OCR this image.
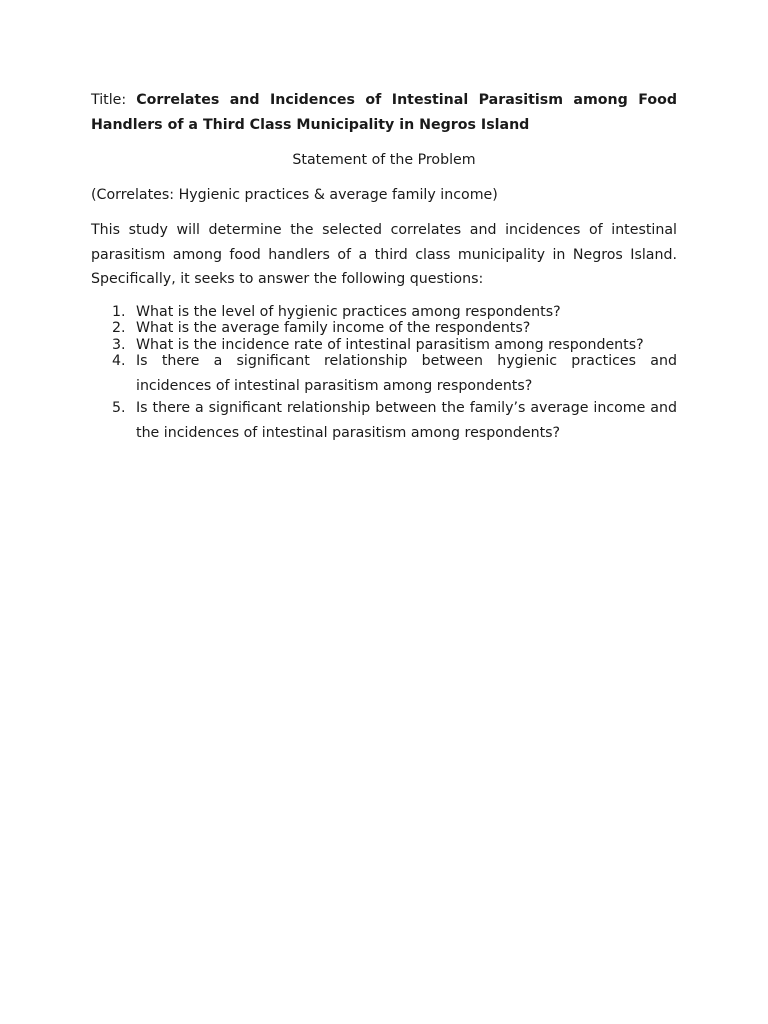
Title: Correlates and Incidences of Intestinal Parasitism among Food Handlers of a Third Class Municipality in Negros Island

Statement of the Problem

(Correlates: Hygienic practices & average family income)

This study will determine the selected correlates and incidences of intestinal parasitism among food handlers of a third class municipality in Negros Island. Specifically, it seeks to answer the following questions:

1. What is the level of hygienic practices among respondents?
2. What is the average family income of the respondents?
3. What is the incidence rate of intestinal parasitism among respondents?
4. Is there a significant relationship between hygienic practices and incidences of intestinal parasitism among respondents?
5. Is there a significant relationship between the family’s average income and the incidences of intestinal parasitism among respondents?
